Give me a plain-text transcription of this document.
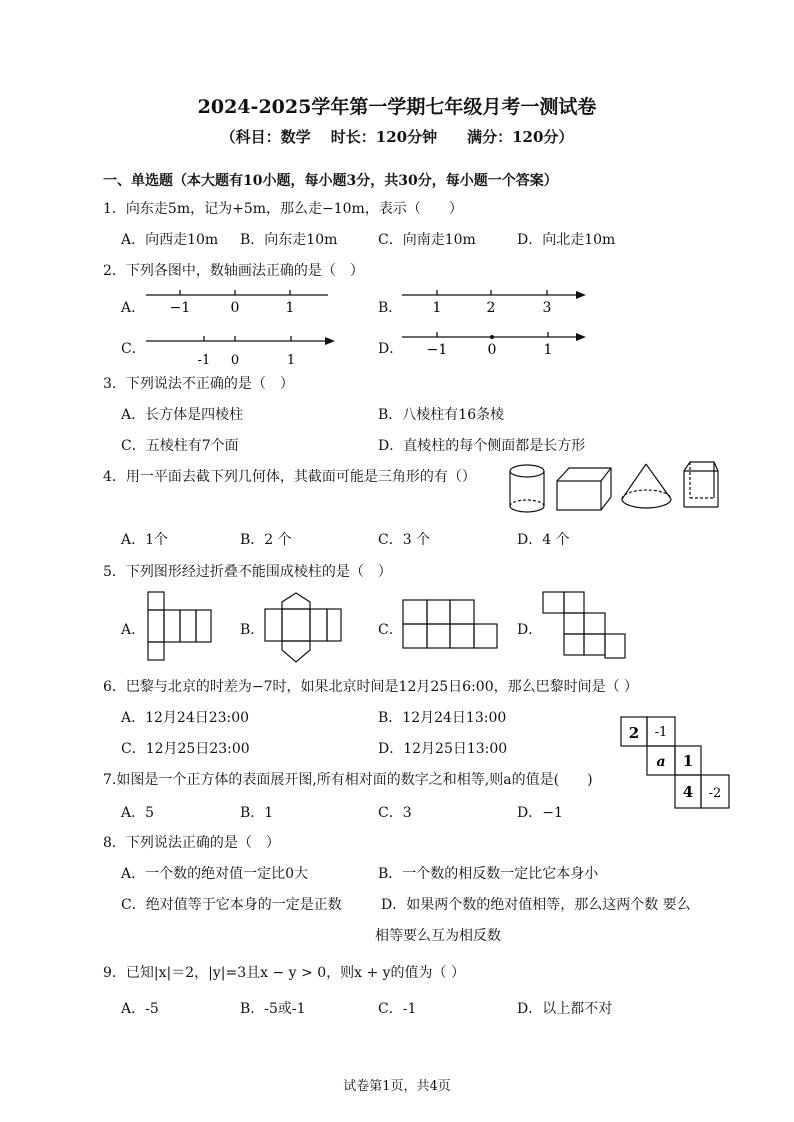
2024-2025学年第一学期七年级月考一测试卷
（科目：数学　 时长：120分钟　　满分：120分）
一、单选题（本大题有10小题，每小题3分，共30分，每小题一个答案）
1．向东走5m，记为+5m，那么走−10m，表示（　　）
A．向西走10m B．向东走10m	C．向南走10m	D．向北走10m
2．下列各图中，数轴画法正确的是（　）
A．	B．
C．	D．
−1	0	1	1	2	3
-1 0	1
−1	0	1
2 -1
a 1
4 -2
3．下列说法不正确的是（　）
A．长方体是四棱柱	B．八棱柱有16条棱
C．五棱柱有7个面	D．直棱柱的每个侧面都是长方形
4．用一平面去截下列几何体，其截面可能是三角形的有（）
A．1个	B．2 个	C．3 个	D．4 个
5．下列图形经过折叠不能围成棱柱的是（　）
A．	B．	C．	D．
6．巴黎与北京的时差为−7时，如果北京时间是12月25日6:00，那么巴黎时间是（ ）
A．12月24日23:00	B．12月24日13:00
C．12月25日23:00	D．12月25日13:00
7.如图是一个正方体的表面展开图,所有相对面的数字之和相等,则a的值是(　　)
A．5	B．1	C．3	D．−1
8．下列说法正确的是（　）
A．一个数的绝对值一定比0大	B．一个数的相反数一定比它本身小
C．绝对值等于它本身的一定是正数	D．如果两个数的绝对值相等，那么这两个数 要么
相等要么互为相反数
9．已知|x|＝2，|y|=3且x − y > 0，则x + y的值为（ ）
A．-5	B．-5或-1	C．-1	D．以上都不对
试卷第1页，共4页
